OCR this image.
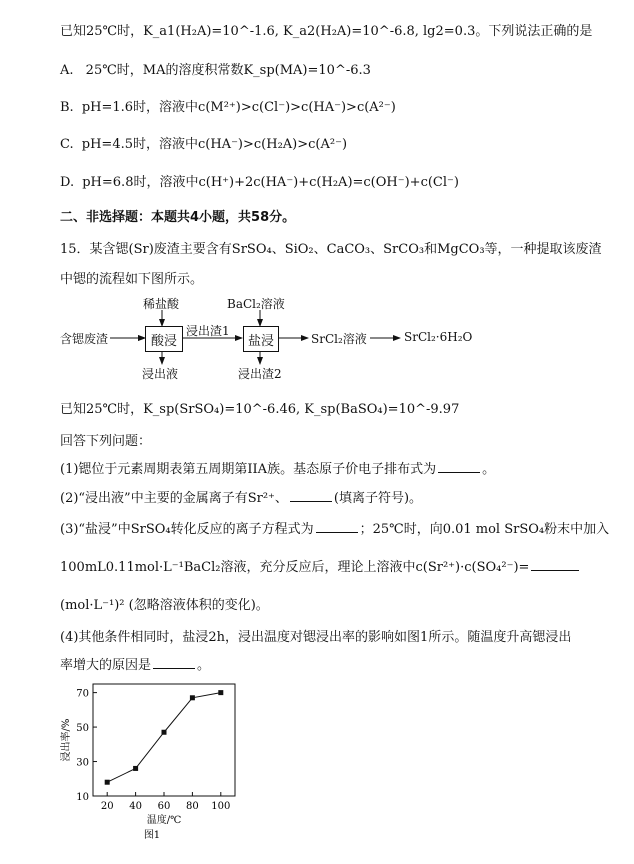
已知25℃时，K_a1(H₂A)=10^-1.6, K_a2(H₂A)=10^-6.8, lg2=0.3。下列说法正确的是
A. 25℃时，MA的溶度积常数K_sp(MA)=10^-6.3
B. pH=1.6时，溶液中c(M²⁺)>c(Cl⁻)>c(HA⁻)>c(A²⁻)
C. pH=4.5时，溶液中c(HA⁻)>c(H₂A)>c(A²⁻)
D. pH=6.8时，溶液中c(H⁺)+2c(HA⁻)+c(H₂A)=c(OH⁻)+c(Cl⁻)
二、非选择题：本题共4小题，共58分。
15．某含锶(Sr)废渣主要含有SrSO₄、SiO₂、CaCO₃、SrCO₃和MgCO₃等，一种提取该废渣
中锶的流程如下图所示。
含锶废渣
稀盐酸
酸浸
浸出液
浸出渣1
BaCl₂溶液
盐浸
浸出渣2
SrCl₂溶液	SrCl₂·6H₂O
已知25℃时，K_sp(SrSO₄)=10^-6.46, K_sp(BaSO₄)=10^-9.97
回答下列问题：
(1)锶位于元素周期表第五周期第IIA族。基态原子价电子排布式为	。
(2)“浸出液”中主要的金属离子有Sr²⁺、	(填离子符号)。
(3)“盐浸”中SrSO₄转化反应的离子方程式为	；25℃时，向0.01 mol SrSO₄粉末中加入
100mL0.11mol·L⁻¹BaCl₂溶液，充分反应后，理论上溶液中c(Sr²⁺)·c(SO₄²⁻)=
(mol·L⁻¹)² (忽略溶液体积的变化)。
(4)其他条件相同时，盐浸2h，浸出温度对锶浸出率的影响如图1所示。随温度升高锶浸出
率增大的原因是	。
10
30
50
70
20 40 60 80 100
温度/℃
浸出率/%
图1
